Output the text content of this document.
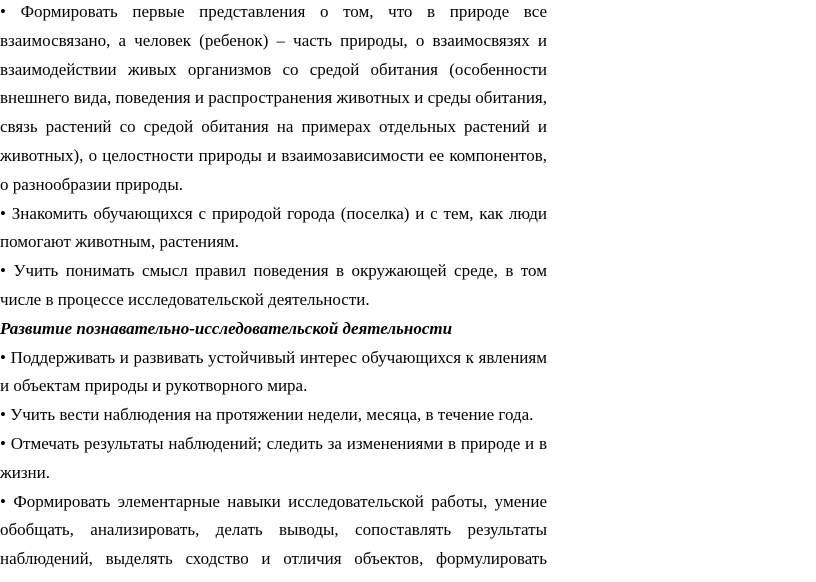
• Формировать первые представления о том, что в природе все взаимосвязано, а человек (ребенок) – часть природы, о взаимосвязях и взаимодействии живых организмов со средой обитания (особенности внешнего вида, поведения и распространения животных и среды обитания, связь растений со средой обитания на примерах отдельных растений и животных), о целостности природы и взаимозависимости ее компонентов, о разнообразии природы.

• Знакомить обучающихся с природой города (поселка) и с тем, как люди помогают животным, растениям.

• Учить понимать смысл правил поведения в окружающей среде, в том числе в процессе исследовательской деятельности.

Развитие познавательно-исследовательской деятельности

• Поддерживать и развивать устойчивый интерес обучающихся к явлениям и объектам природы и рукотворного мира.

• Учить вести наблюдения на протяжении недели, месяца, в течение года.

• Отмечать результаты наблюдений; следить за изменениями в природе и в жизни.

• Формировать элементарные навыки исследовательской работы, умение обобщать, анализировать, делать выводы, сопоставлять результаты наблюдений, выделять сходство и отличия объектов, формулировать
